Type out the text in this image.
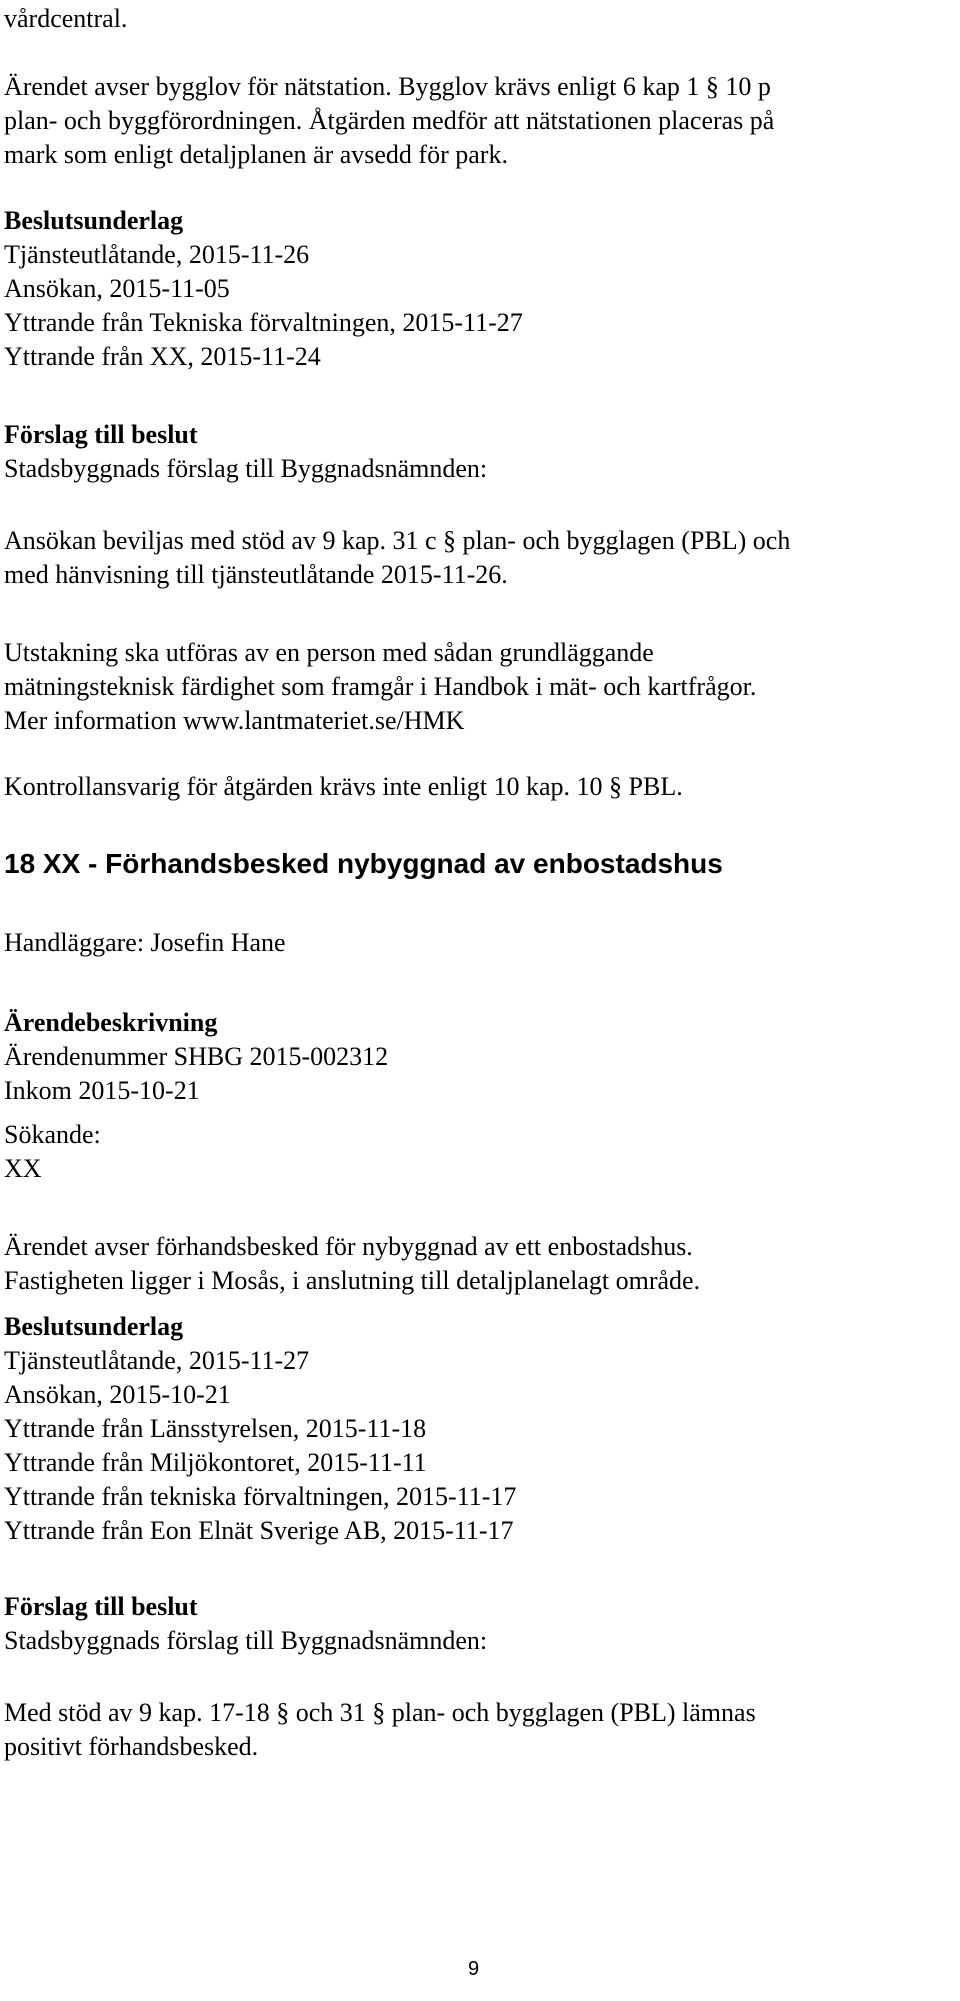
vårdcentral.
Ärendet avser bygglov för nätstation. Bygglov krävs enligt 6 kap 1 § 10 p
plan- och byggförordningen. Åtgärden medför att nätstationen placeras på
mark som enligt detaljplanen är avsedd för park.
Beslutsunderlag
Tjänsteutlåtande, 2015-11-26
Ansökan, 2015-11-05
Yttrande från Tekniska förvaltningen, 2015-11-27
Yttrande från XX, 2015-11-24
Förslag till beslut
Stadsbyggnads förslag till Byggnadsnämnden:
Ansökan beviljas med stöd av 9 kap. 31 c § plan- och bygglagen (PBL) och
med hänvisning till tjänsteutlåtande 2015-11-26.
Utstakning ska utföras av en person med sådan grundläggande
mätningsteknisk färdighet som framgår i Handbok i mät- och kartfrågor.
Mer information www.lantmateriet.se/HMK
Kontrollansvarig för åtgärden krävs inte enligt 10 kap. 10 § PBL.
18 XX - Förhandsbesked nybyggnad av enbostadshus
Handläggare: Josefin Hane
Ärendebeskrivning
Ärendenummer SHBG 2015-002312
Inkom 2015-10-21
Sökande:
XX
Ärendet avser förhandsbesked för nybyggnad av ett enbostadshus.
Fastigheten ligger i Mosås, i anslutning till detaljplanelagt område.
Beslutsunderlag
Tjänsteutlåtande, 2015-11-27
Ansökan, 2015-10-21
Yttrande från Länsstyrelsen, 2015-11-18
Yttrande från Miljökontoret, 2015-11-11
Yttrande från tekniska förvaltningen, 2015-11-17
Yttrande från Eon Elnät Sverige AB, 2015-11-17
Förslag till beslut
Stadsbyggnads förslag till Byggnadsnämnden:
Med stöd av 9 kap. 17-18 § och 31 § plan- och bygglagen (PBL) lämnas
positivt förhandsbesked.
9
